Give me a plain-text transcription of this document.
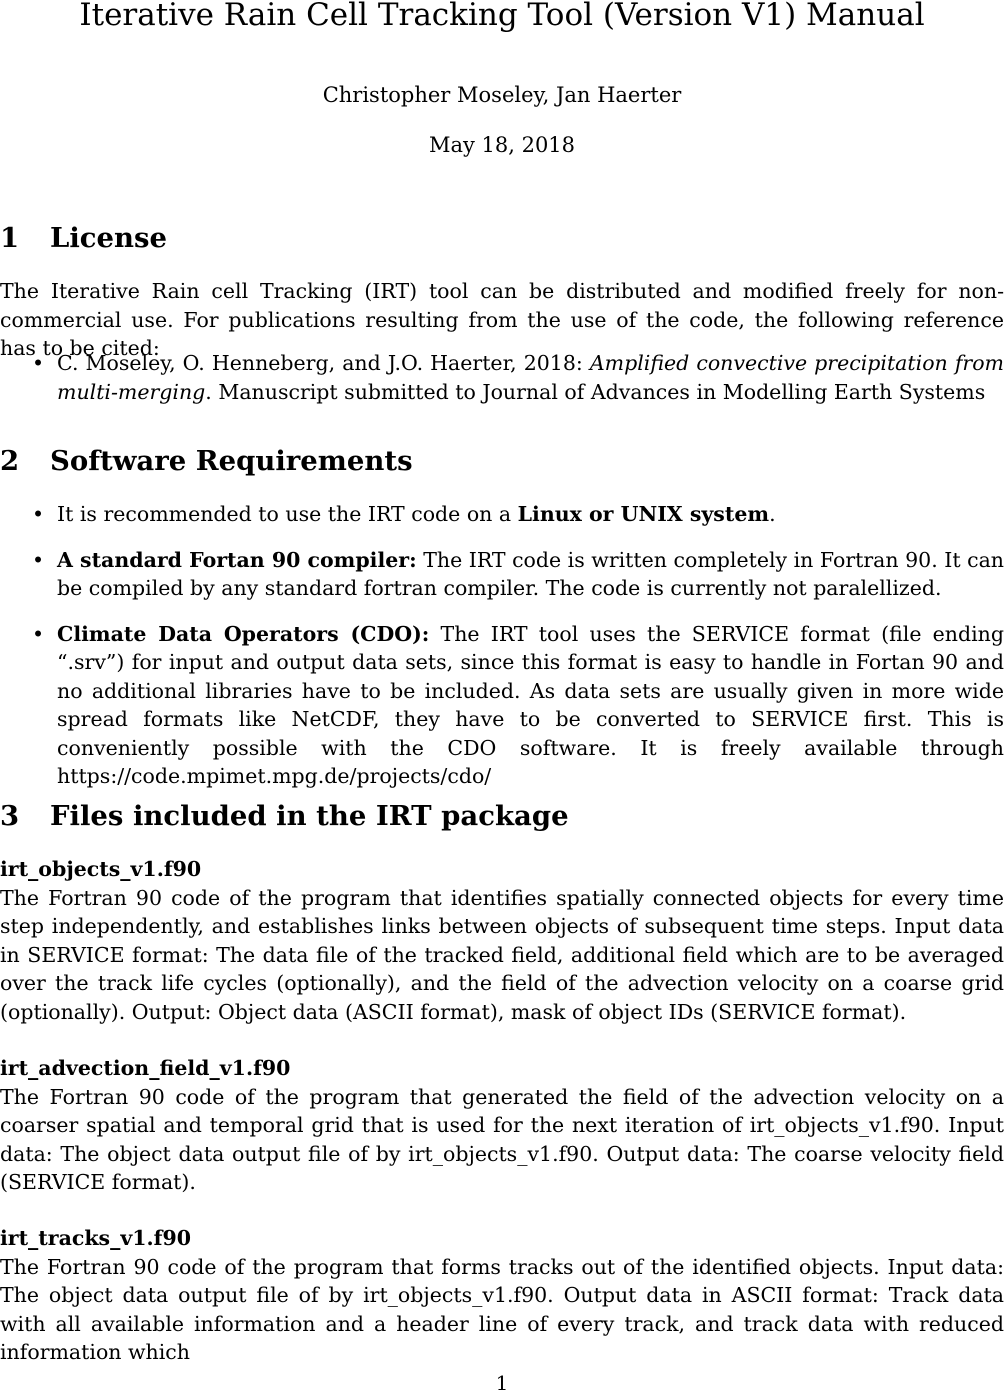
Iterative Rain Cell Tracking Tool (Version V1) Manual
Christopher Moseley, Jan Haerter
May 18, 2018
1 License

The Iterative Rain cell Tracking (IRT) tool can be distributed and modified freely for non-commercial use. For publications resulting from the use of the code, the following reference has to be cited:

• C. Moseley, O. Henneberg, and J.O. Haerter, 2018: Amplified convective precipitation from multi-merging. Manuscript submitted to Journal of Advances in Modelling Earth Systems
2 Software Requirements
• It is recommended to use the IRT code on a Linux or UNIX system.
• A standard Fortan 90 compiler: The IRT code is written completely in Fortran 90. It can be compiled by any standard fortran compiler. The code is currently not paralellized.
• Climate Data Operators (CDO): The IRT tool uses the SERVICE format (file ending “.srv”) for input and output data sets, since this format is easy to handle in Fortan 90 and no additional libraries have to be included. As data sets are usually given in more wide spread formats like NetCDF, they have to be converted to SERVICE first. This is conveniently possible with the CDO software. It is freely available through https://code.mpimet.mpg.de/projects/cdo/
3 Files included in the IRT package
irt_objects_v1.f90
The Fortran 90 code of the program that identifies spatially connected objects for every time step independently, and establishes links between objects of subsequent time steps. Input data in SERVICE format: The data file of the tracked field, additional field which are to be averaged over the track life cycles (optionally), and the field of the advection velocity on a coarse grid (optionally). Output: Object data (ASCII format), mask of object IDs (SERVICE format).
irt_advection_field_v1.f90
The Fortran 90 code of the program that generated the field of the advection velocity on a coarser spatial and temporal grid that is used for the next iteration of irt_objects_v1.f90. Input data: The object data output file of by irt_objects_v1.f90. Output data: The coarse velocity field (SERVICE format).
irt_tracks_v1.f90
The Fortran 90 code of the program that forms tracks out of the identified objects. Input data: The object data output file of by irt_objects_v1.f90. Output data in ASCII format: Track data with all available information and a header line of every track, and track data with reduced information which
1
